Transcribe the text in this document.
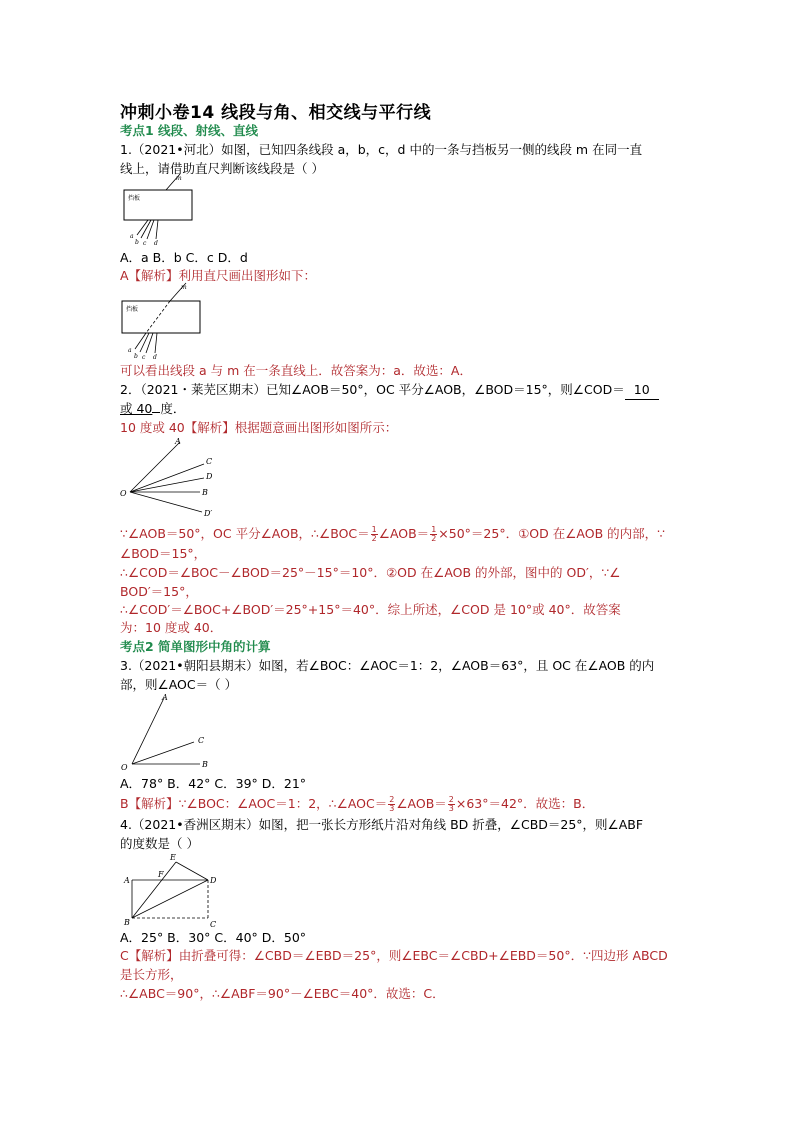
冲刺小卷14 线段与角、相交线与平行线
考点1 线段、射线、直线
1.（2021•河北）如图，已知四条线段 a，b，c，d 中的一条与挡板另一侧的线段 m 在同一直
线上，请借助直尺判断该线段是（ ）
m
挡板
a
b c d
A．a B．b C．c D．d
A【解析】利用直尺画出图形如下：
m
挡板
a
b c d
可以看出线段 a 与 m 在一条直线上．故答案为：a．故选：A．
2．（2021・莱芜区期末）已知∠AOB＝50°，OC 平分∠AOB，∠BOD＝15°，则∠COD＝ 10
或 40 度．
10 度或 40【解析】根据题意画出图形如图所示：
O
A
C
D
B
D′
∵∠AOB＝50°，OC 平分∠AOB，∴∠BOC＝ $\frac{1}{2}$ ∠AOB＝ $\frac{1}{2} \times 50^\circ=25^\circ$．①OD 在∠AOB 的内部，∵
∠BOD＝15°，
∴∠COD＝∠BOC－∠BOD＝25°－15°＝10°．②OD 在∠AOB 的外部，图中的 OD′，∵∠
BOD′＝15°，
∴∠COD′＝∠BOC+∠BOD′＝25°+15°＝40°．综上所述，∠COD 是 10°或 40°．故答案
为：10 度或 40．
考点2 简单图形中角的计算
3.（2021•朝阳县期末）如图，若∠BOC：∠AOC＝1：2，∠AOB＝63°，且 OC 在∠AOB 的内
部，则∠AOC＝（ ）
O
A
C
B
A．78° B．42° C．39° D．21°
B【解析】∵∠BOC：∠AOC＝1：2，∴∠AOC＝ $\frac{2}{3}$ ∠AOB＝ $\frac{2}{3} \times 63^\circ=42^\circ$．故选：B．
4.（2021•香洲区期末）如图，把一张长方形纸片沿对角线 BD 折叠，∠CBD＝25°，则∠ABF
的度数是（ ）
A
B	C
D
E
F
A．25° B．30° C．40° D．50°
C【解析】由折叠可得：∠CBD＝∠EBD＝25°，则∠EBC＝∠CBD+∠EBD＝50°．∵四边形 ABCD
是长方形，
∴∠ABC＝90°，∴∠ABF＝90°－∠EBC＝40°．故选：C．
